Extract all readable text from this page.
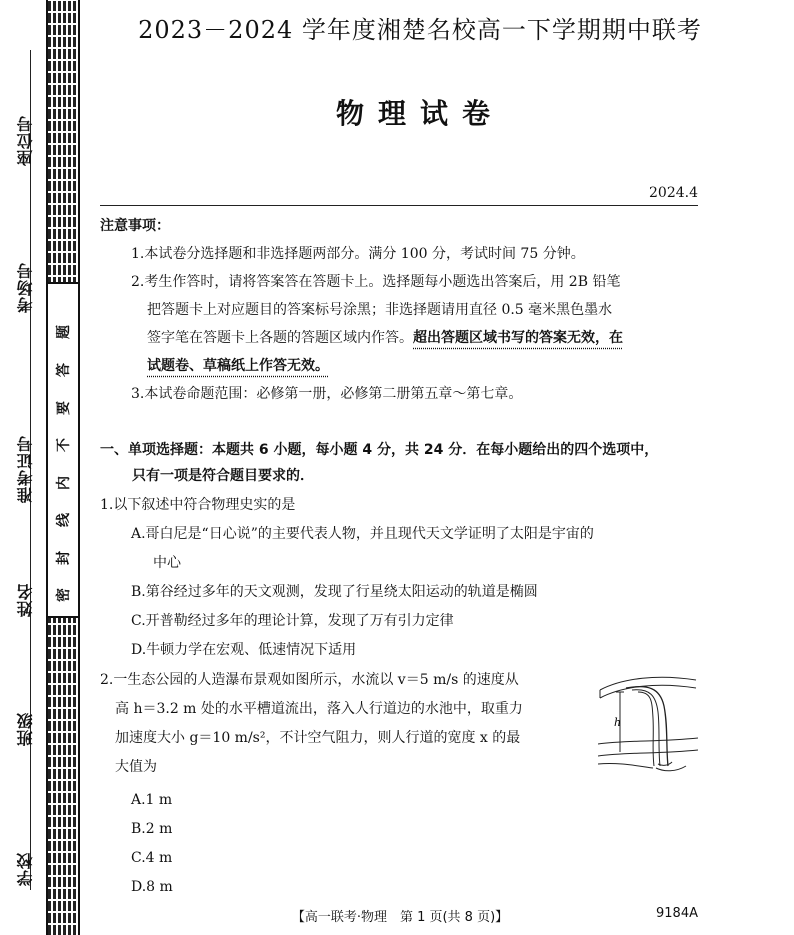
座位号
考场号
准考证号
姓名
班级
学校
密
封
线
内
不
要
答
题
2023－2024 学年度湘楚名校高一下学期期中联考
物理试卷
2024.4
注意事项：
1.本试卷分选择题和非选择题两部分。满分 100 分，考试时间 75 分钟。
2.考生作答时，请将答案答在答题卡上。选择题每小题选出答案后，用 2B 铅笔
把答题卡上对应题目的答案标号涂黑；非选择题请用直径 0.5 毫米黑色墨水
签字笔在答题卡上各题的答题区域内作答。超出答题区域书写的答案无效，在
试题卷、草稿纸上作答无效。
3.本试卷命题范围：必修第一册，必修第二册第五章～第七章。
一、单项选择题：本题共 6 小题，每小题 4 分，共 24 分．在每小题给出的四个选项中，
只有一项是符合题目要求的．
1.以下叙述中符合物理史实的是
A.哥白尼是“日心说”的主要代表人物，并且现代天文学证明了太阳是宇宙的
中心
B.第谷经过多年的天文观测，发现了行星绕太阳运动的轨道是椭圆
C.开普勒经过多年的理论计算，发现了万有引力定律
D.牛顿力学在宏观、低速情况下适用
2.一生态公园的人造瀑布景观如图所示，水流以 v＝5 m/s 的速度从
高 h＝3.2 m 处的水平槽道流出，落入人行道边的水池中，取重力
加速度大小 g＝10 m/s²，不计空气阻力，则人行道的宽度 x 的最
大值为
A.1 m
B.2 m
C.4 m
D.8 m
h
【高一联考·物理　第 1 页(共 8 页)】	9184A
